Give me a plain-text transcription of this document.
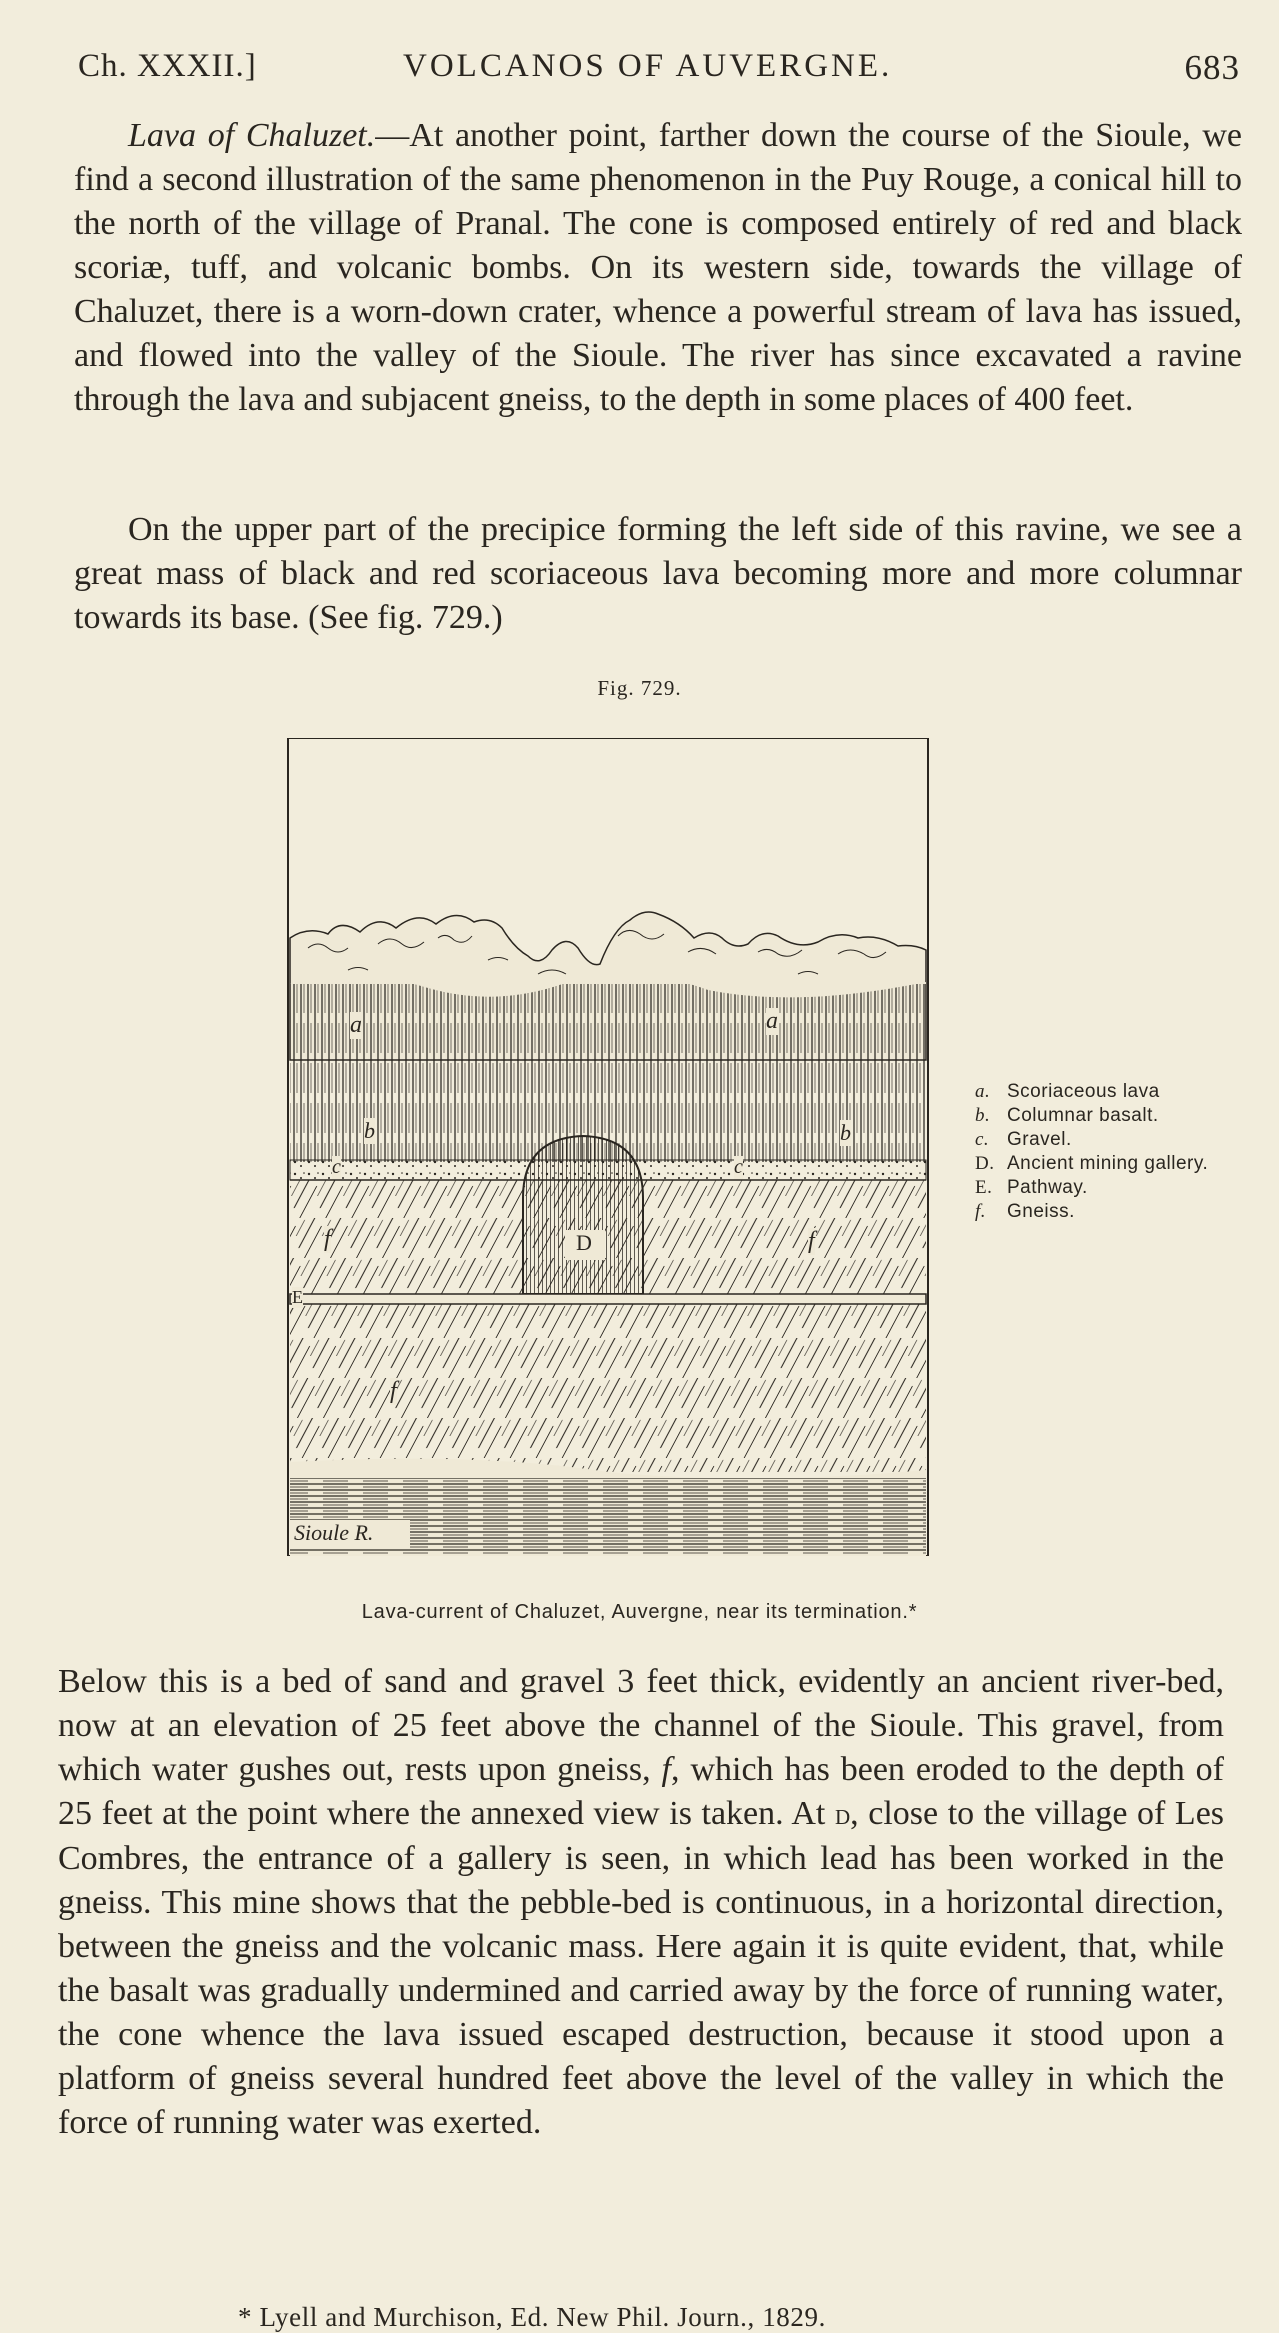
Ch. XXXII.]	VOLCANOS OF AUVERGNE.	683
Lava of Chaluzet.—At another point, farther down the course of the Sioule, we find a second illustration of the same phenomenon in the Puy Rouge, a conical hill to the north of the village of Pranal. The cone is composed entirely of red and black scoriæ, tuff, and volcanic bombs. On its western side, towards the village of Chaluzet, there is a worn-down crater, whence a powerful stream of lava has issued, and flowed into the valley of the Sioule. The river has since excavated a ravine through the lava and subjacent gneiss, to the depth in some places of 400 feet.
On the upper part of the precipice forming the left side of this ravine, we see a great mass of black and red scoriaceous lava becoming more and more columnar towards its base. (See fig. 729.)
Fig. 729.
a	a
b	b
c	c
D
E
f	f
f
Sioule R.
a. Scoriaceous lava
b. Columnar basalt.
c. Gravel.
D. Ancient mining gallery.
E. Pathway.
f.	Gneiss.
Lava-current of Chaluzet, Auvergne, near its termination.*
Below this is a bed of sand and gravel 3 feet thick, evidently an ancient river-bed, now at an elevation of 25 feet above the channel of the Sioule. This gravel, from which water gushes out, rests upon gneiss, f, which has been eroded to the depth of 25 feet at the point where the annexed view is taken. At d, close to the village of Les Combres, the entrance of a gallery is seen, in which lead has been worked in the gneiss. This mine shows that the pebble-bed is continuous, in a horizontal direction, between the gneiss and the volcanic mass. Here again it is quite evident, that, while the basalt was gradually undermined and carried away by the force of running water, the cone whence the lava issued escaped destruction, because it stood upon a platform of gneiss several hundred feet above the level of the valley in which the force of running water was exerted.
* Lyell and Murchison, Ed. New Phil. Journ., 1829.
